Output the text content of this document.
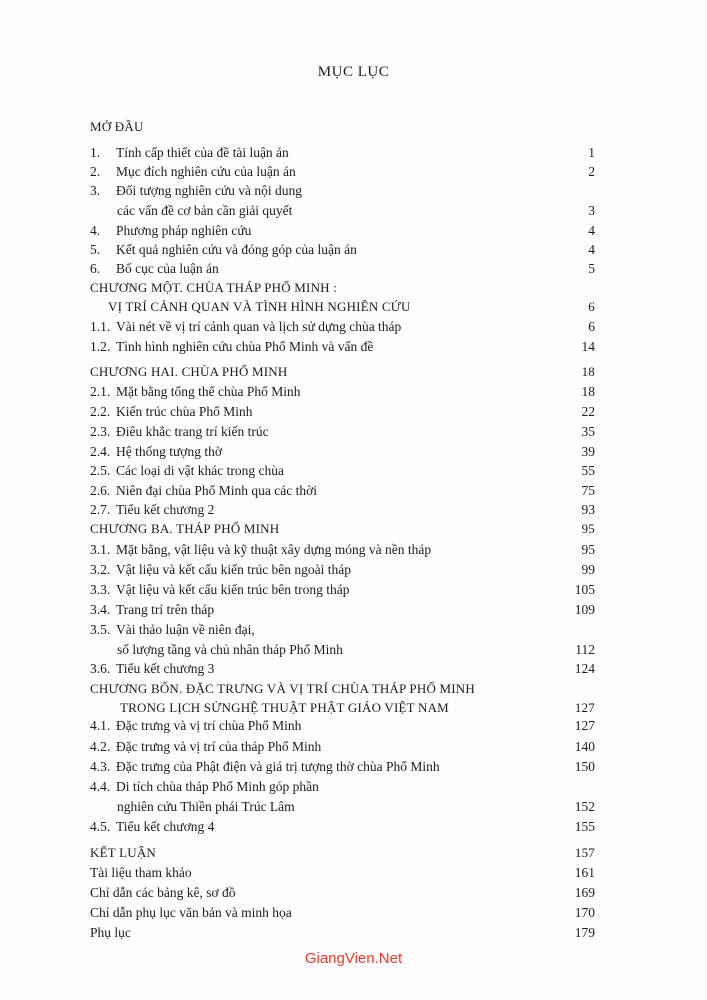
MỤC LỤC
MỞ ĐẦU
1. Tính cấp thiết của đề tài luận án	1
2. Mục đích nghiên cứu của luận án	2
3. Đối tượng nghiên cứu và nội dung
các vấn đề cơ bản cần giải quyết	3
4. Phương pháp nghiên cứu	4
5. Kết quả nghiên cứu và đóng góp của luận án	4
6. Bố cục của luận án	5
CHƯƠNG MỘT. CHÙA THÁP PHỔ MINH :
VỊ TRÍ CẢNH QUAN VÀ TÌNH HÌNH NGHIÊN CỨU	6
1.1. Vài nét về vị trí cảnh quan và lịch sử dựng chùa tháp	6
1.2. Tình hình nghiên cứu chùa Phổ Minh và vấn đề	14
CHƯƠNG HAI. CHÙA PHỔ MINH	18
2.1. Mặt bằng tổng thể chùa Phổ Minh	18
2.2. Kiến trúc chùa Phổ Minh	22
2.3. Điêu khắc trang trí kiến trúc	35
2.4. Hệ thống tượng thờ	39
2.5. Các loại di vật khác trong chùa	55
2.6. Niên đại chùa Phổ Minh qua các thời	75
2.7. Tiểu kết chương 2	93
CHƯƠNG BA. THÁP PHỔ MINH	95
3.1. Mặt bằng, vật liệu và kỹ thuật xây dựng móng và nền tháp	95
3.2. Vật liệu và kết cấu kiến trúc bên ngoài tháp	99
3.3. Vật liệu và kết cấu kiến trúc bên trong tháp	105
3.4. Trang trí trên tháp	109
3.5. Vài thảo luận về niên đại,
số lượng tầng và chủ nhân tháp Phổ Minh	112
3.6. Tiểu kết chương 3	124
CHƯƠNG BỐN. ĐẶC TRƯNG VÀ VỊ TRÍ CHÙA THÁP PHỔ MINH
TRONG LỊCH SỬNGHỆ THUẬT PHẬT GIÁO VIỆT NAM	127
4.1. Đặc trưng và vị trí chùa Phổ Minh	127
4.2. Đặc trưng và vị trí của tháp Phổ Minh	140
4.3. Đặc trưng của Phật điện và giá trị tượng thờ chùa Phổ Minh	150
4.4. Di tích chùa tháp Phổ Minh góp phần
nghiên cứu Thiền phái Trúc Lâm	152
4.5. Tiểu kết chương 4	155
KẾT LUẬN	157
Tài liệu tham khảo	161
Chỉ dẫn các bảng kê, sơ đồ	169
Chỉ dẫn phụ lục văn bản và minh họa	170
Phụ lục	179
GiangVien.Net
